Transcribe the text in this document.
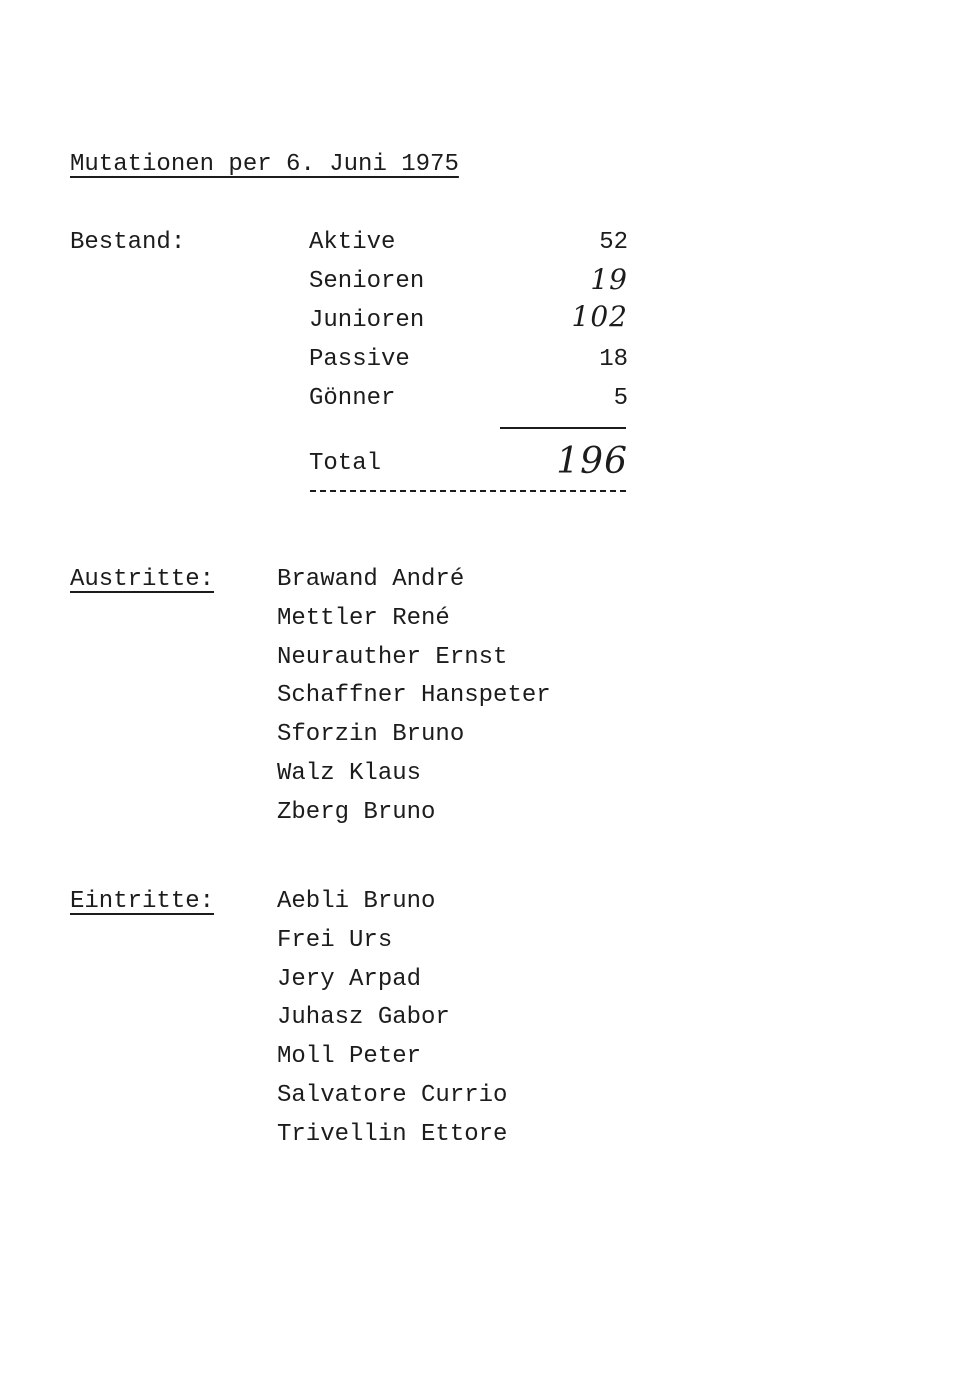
Mutationen per 6. Juni 1975
Bestand:	Aktive	52
Senioren	19
Junioren	102
Passive	18
Gönner	5
Total	196
Austritte:	Brawand André
Mettler René
Neurauther Ernst
Schaffner Hanspeter
Sforzin Bruno
Walz Klaus
Zberg Bruno
Eintritte:	Aebli Bruno
Frei Urs
Jery Arpad
Juhasz Gabor
Moll Peter
Salvatore Currio
Trivellin Ettore
